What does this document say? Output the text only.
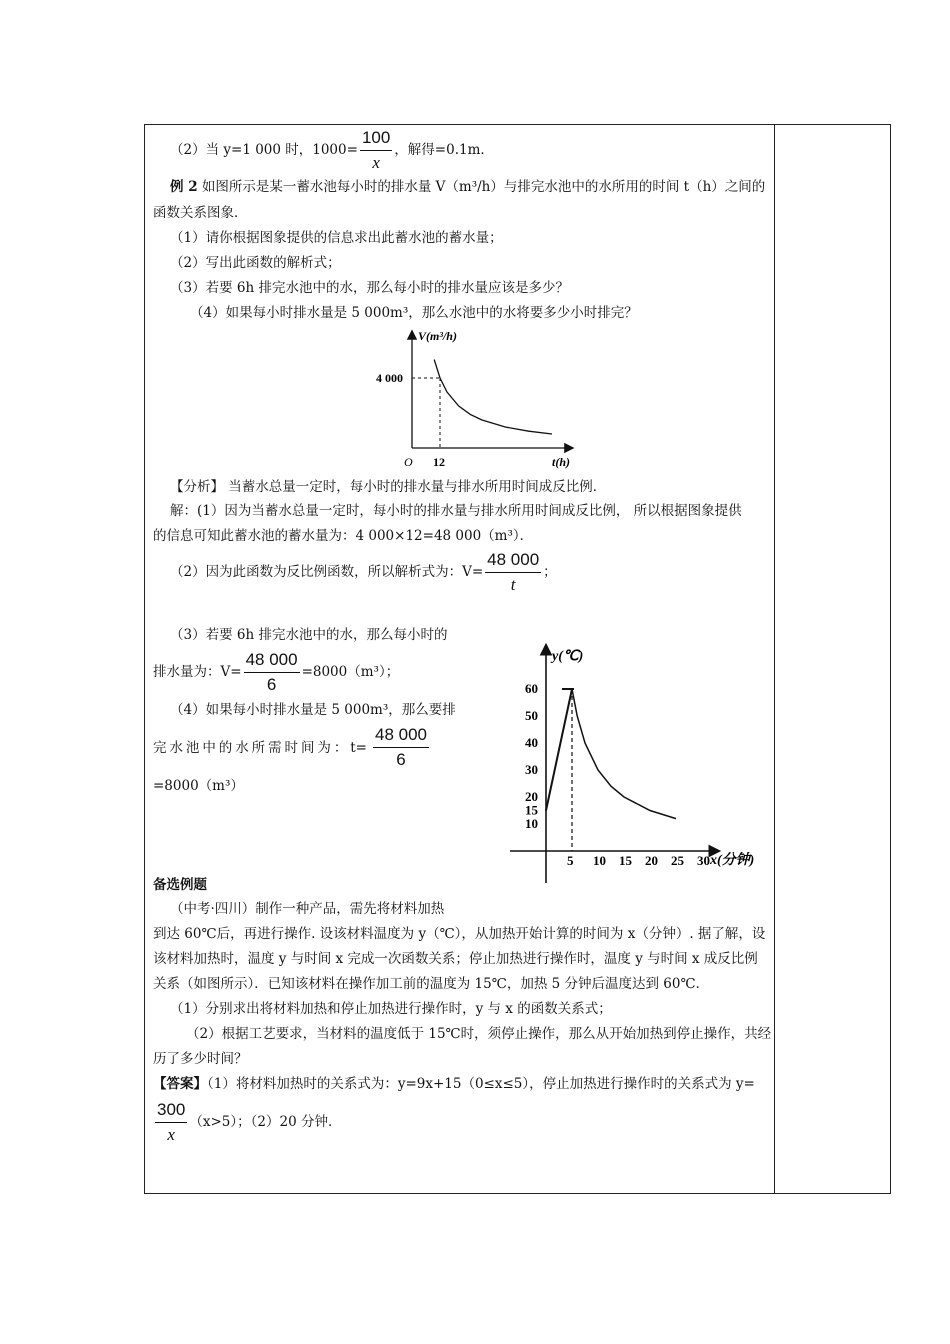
（2）当 y=1 000 时，$1000= \frac{100}{x}$ ，解得=0.1m．
例 2 如图所示是某一蓄水池每小时的排水量 V（m³/h）与排完水池中的水所用的时间 t（h）之间的
函数关系图象．
（1）请你根据图象提供的信息求出此蓄水池的蓄水量；
（2）写出此函数的解析式；
（3）若要 6h 排完水池中的水，那么每小时的排水量应该是多少？
（4）如果每小时排水量是 5 000m³，那么水池中的水将要多少小时排完？
V(m³/h)
t(h)
O 12
4 000
【分析】 当蓄水总量一定时，每小时的排水量与排水所用时间成反比例．
解：(1）因为当蓄水总量一定时，每小时的排水量与排水所用时间成反比例， 所以根据图象提供
的信息可知此蓄水池的蓄水量为：4 000×12=48 000（m³）．
（2）因为此函数为反比例函数，所以解析式为：$V= \frac{48 000}{t}$ ；
（3）若要 6h 排完水池中的水，那么每小时的
排水量为：$V= \frac{48 000}{6} =8000(m^3)$；
（4）如果每小时排水量是 5 000m³，那么要排
完 水 池 中 的 水 所 需 时 间 为 ： $t= \frac{48 000}{6}$
=8000（m³）
y(℃)
x(分钟)
10
15
20
30
40
50
60
5 10 15 20 25 30
备选例题
（中考·四川）制作一种产品，需先将材料加热
到达 60℃后，再进行操作. 设该材料温度为 y（℃），从加热开始计算的时间为 x（分钟）. 据了解，设
该材料加热时，温度 y 与时间 x 完成一次函数关系；停止加热进行操作时，温度 y 与时间 x 成反比例
关系（如图所示）．已知该材料在操作加工前的温度为 15℃，加热 5 分钟后温度达到 60℃．
（1）分别求出将材料加热和停止加热进行操作时，y 与 x 的函数关系式；
（2）根据工艺要求，当材料的温度低于 15℃时，须停止操作，那么从开始加热到停止操作，共经
历了多少时间？
【答案】（1）将材料加热时的关系式为：y=9x+15（0≤x≤5），停止加热进行操作时的关系式为 y=
$\frac{300}{x} (x>5)$；（2）20 分钟．
